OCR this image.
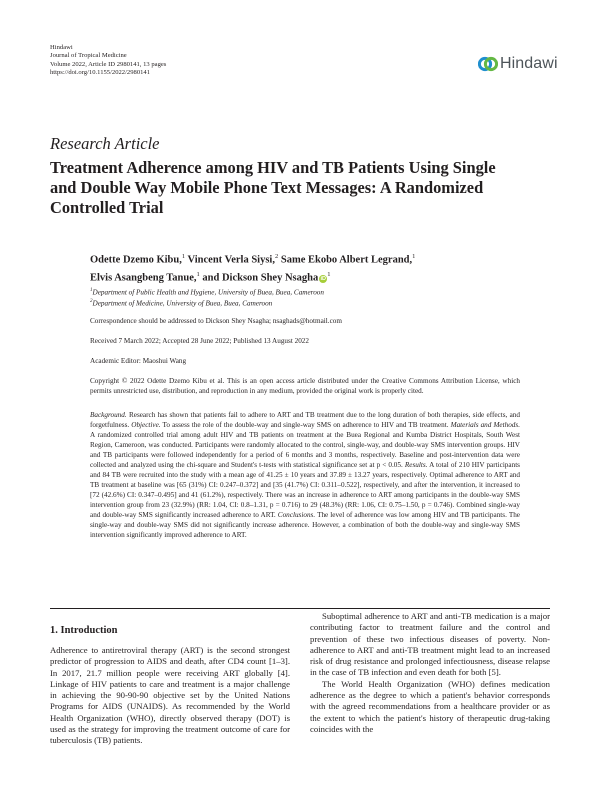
Hindawi
Journal of Tropical Medicine
Volume 2022, Article ID 2980141, 13 pages
https://doi.org/10.1155/2022/2980141
Hindawi
Research Article
Treatment Adherence among HIV and TB Patients Using Single and Double Way Mobile Phone Text Messages: A Randomized Controlled Trial
Odette Dzemo Kibu,$^1$ Vincent Verla Siysi,$^2$ Same Ekobo Albert Legrand,$^1$
Elvis Asangbeng Tanue,$^1$ and Dickson Shey Nsagha $iD^1$
$^1$Department of Public Health and Hygiene, University of Buea, Buea, Cameroon
$^2$Department of Medicine, University of Buea, Buea, Cameroon
Correspondence should be addressed to Dickson Shey Nsagha; nsaghads@hotmail.com
Received 7 March 2022; Accepted 28 June 2022; Published 13 August 2022
Academic Editor: Maoshui Wang
Copyright © 2022 Odette Dzemo Kibu et al. This is an open access article distributed under the Creative Commons Attribution License, which permits unrestricted use, distribution, and reproduction in any medium, provided the original work is properly cited.
Background. Research has shown that patients fail to adhere to ART and TB treatment due to the long duration of both therapies, side effects, and forgetfulness. Objective. To assess the role of the double-way and single-way SMS on adherence to HIV and TB treatment. Materials and Methods. A randomized controlled trial among adult HIV and TB patients on treatment at the Buea Regional and Kumba District Hospitals, South West Region, Cameroon, was conducted. Participants were randomly allocated to the control, single-way, and double-way SMS intervention groups. HIV and TB participants were followed independently for a period of 6 months and 3 months, respectively. Baseline and post-intervention data were collected and analyzed using the chi-square and Student's t-tests with statistical significance set at p < 0.05. Results. A total of 210 HIV participants and 84 TB were recruited into the study with a mean age of 41.25 ± 10 years and 37.89 ± 13.27 years, respectively. Optimal adherence to ART and TB treatment at baseline was [65 (31%) CI: 0.247–0.372] and [35 (41.7%) CI: 0.311–0.522], respectively, and after the intervention, it increased to [72 (42.6%) CI: 0.347–0.495] and 41 (61.2%), respectively. There was an increase in adherence to ART among participants in the double-way SMS intervention group from 23 (32.9%) (RR: 1.04, CI: 0.8–1.31, p = 0.716) to 29 (48.3%) (RR: 1.06, CI: 0.75–1.50, p = 0.746). Combined single-way and double-way SMS significantly increased adherence to ART. Conclusions. The level of adherence was low among HIV and TB participants. The single-way and double-way SMS did not significantly increase adherence. However, a combination of both the double-way and single-way SMS intervention significantly improved adherence to ART.
1. Introduction

Adherence to antiretroviral therapy (ART) is the second strongest predictor of progression to AIDS and death, after CD4 count [1–3]. In 2017, 21.7 million people were receiving ART globally [4]. Linkage of HIV patients to care and treatment is a major challenge in achieving the 90-90-90 objective set by the United Nations Programs for AIDS (UNAIDS). As recommended by the World Health Organization (WHO), directly observed therapy (DOT) is used as the strategy for improving the treatment outcome of care for tuberculosis (TB) patients.

Suboptimal adherence to ART and anti-TB medication is a major contributing factor to treatment failure and the control and prevention of these two infectious diseases of poverty. Non-adherence to ART and anti-TB treatment might lead to an increased risk of drug resistance and prolonged infectiousness, disease relapse in the case of TB infection and even death for both [5].

The World Health Organization (WHO) defines medication adherence as the degree to which a patient's behavior corresponds with the agreed recommendations from a healthcare provider or as the extent to which the patient's history of therapeutic drug-taking coincides with the
